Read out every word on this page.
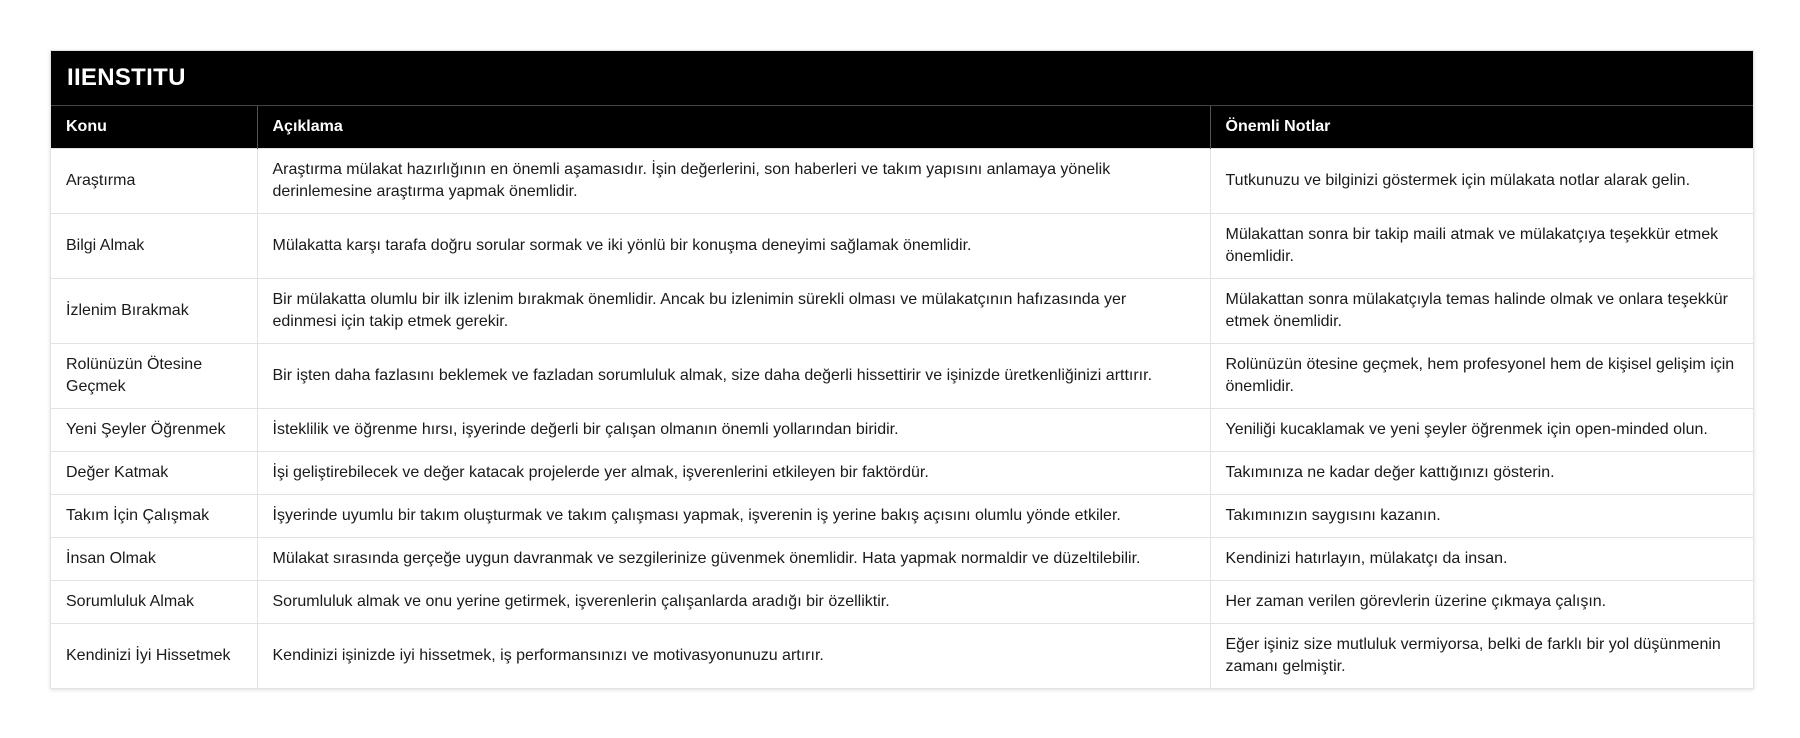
IIENSTITU
Konu	Açıklama	Önemli Notlar
Araştırma	Araştırma mülakat hazırlığının en önemli aşamasıdır. İşin değerlerini, son haberleri ve takım yapısını anlamaya yönelik derinlemesine araştırma yapmak önemlidir.	Tutkunuzu ve bilginizi göstermek için mülakata notlar alarak gelin.
Bilgi Almak	Mülakatta karşı tarafa doğru sorular sormak ve iki yönlü bir konuşma deneyimi sağlamak önemlidir.	Mülakattan sonra bir takip maili atmak ve mülakatçıya teşekkür etmek önemlidir.
İzlenim Bırakmak	Bir mülakatta olumlu bir ilk izlenim bırakmak önemlidir. Ancak bu izlenimin sürekli olması ve mülakatçının hafızasında yer edinmesi için takip etmek gerekir.	Mülakattan sonra mülakatçıyla temas halinde olmak ve onlara teşekkür etmek önemlidir.
Rolünüzün Ötesine Geçmek	Bir işten daha fazlasını beklemek ve fazladan sorumluluk almak, size daha değerli hissettirir ve işinizde üretkenliğinizi arttırır.	Rolünüzün ötesine geçmek, hem profesyonel hem de kişisel gelişim için önemlidir.
Yeni Şeyler Öğrenmek	İsteklilik ve öğrenme hırsı, işyerinde değerli bir çalışan olmanın önemli yollarından biridir.	Yeniliği kucaklamak ve yeni şeyler öğrenmek için open-minded olun.
Değer Katmak	İşi geliştirebilecek ve değer katacak projelerde yer almak, işverenlerini etkileyen bir faktördür.	Takımınıza ne kadar değer kattığınızı gösterin.
Takım İçin Çalışmak	İşyerinde uyumlu bir takım oluşturmak ve takım çalışması yapmak, işverenin iş yerine bakış açısını olumlu yönde etkiler.	Takımınızın saygısını kazanın.
İnsan Olmak	Mülakat sırasında gerçeğe uygun davranmak ve sezgilerinize güvenmek önemlidir. Hata yapmak normaldir ve düzeltilebilir.	Kendinizi hatırlayın, mülakatçı da insan.
Sorumluluk Almak	Sorumluluk almak ve onu yerine getirmek, işverenlerin çalışanlarda aradığı bir özelliktir.	Her zaman verilen görevlerin üzerine çıkmaya çalışın.
Kendinizi İyi Hissetmek	Kendinizi işinizde iyi hissetmek, iş performansınızı ve motivasyonunuzu artırır.	Eğer işiniz size mutluluk vermiyorsa, belki de farklı bir yol düşünmenin zamanı gelmiştir.
